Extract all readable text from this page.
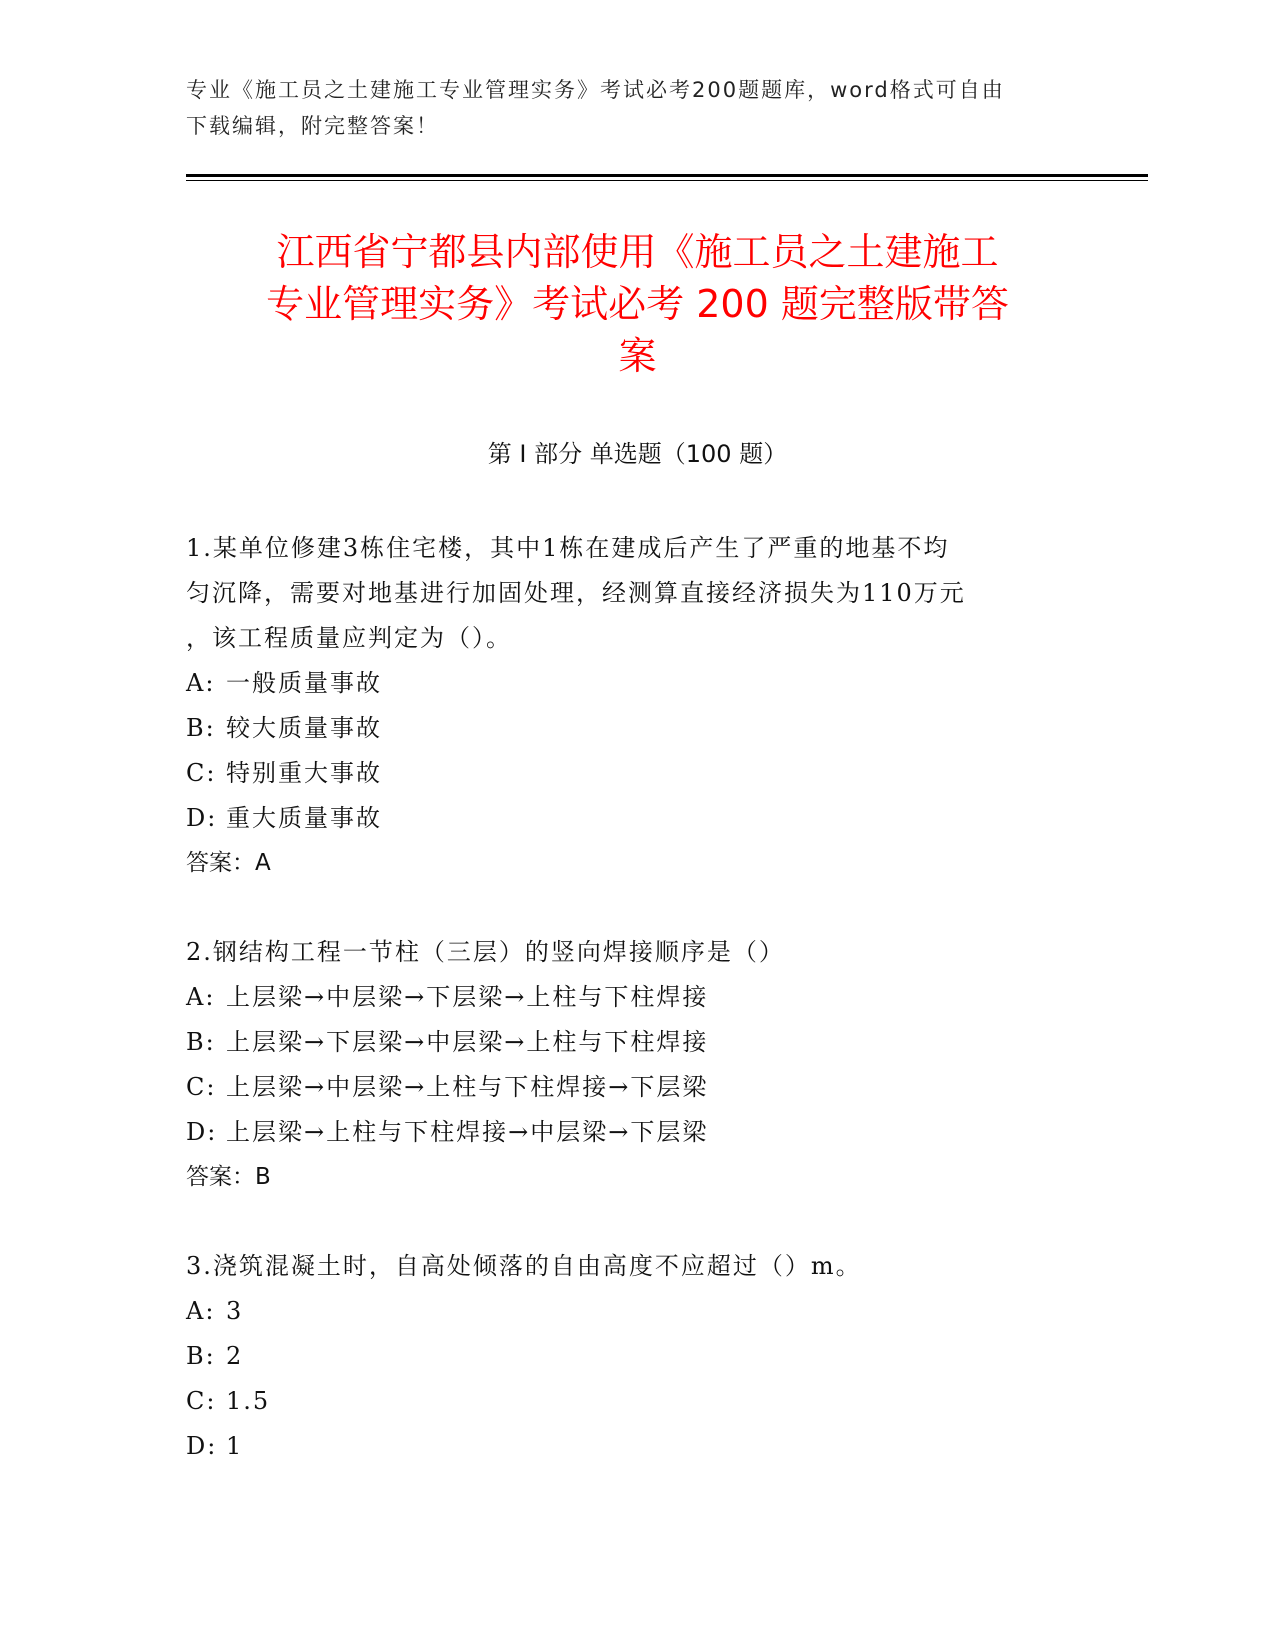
专业《施工员之土建施工专业管理实务》考试必考200题题库，word格式可自由
下载编辑，附完整答案！
江西省宁都县内部使用《施工员之土建施工
专业管理实务》考试必考 200 题完整版带答
案
第 I 部分 单选题（100 题）
1.某单位修建3栋住宅楼，其中1栋在建成后产生了严重的地基不均
匀沉降，需要对地基进行加固处理，经测算直接经济损失为110万元
，该工程质量应判定为（）。
A: 一般质量事故
B: 较大质量事故
C: 特别重大事故
D: 重大质量事故
答案：A
2.钢结构工程一节柱（三层）的竖向焊接顺序是（）
A: 上层梁→中层梁→下层梁→上柱与下柱焊接
B: 上层梁→下层梁→中层梁→上柱与下柱焊接
C: 上层梁→中层梁→上柱与下柱焊接→下层梁
D: 上层梁→上柱与下柱焊接→中层梁→下层梁
答案：B
3.浇筑混凝土时，自高处倾落的自由高度不应超过（）m。
A: 3
B: 2
C: 1.5
D: 1
